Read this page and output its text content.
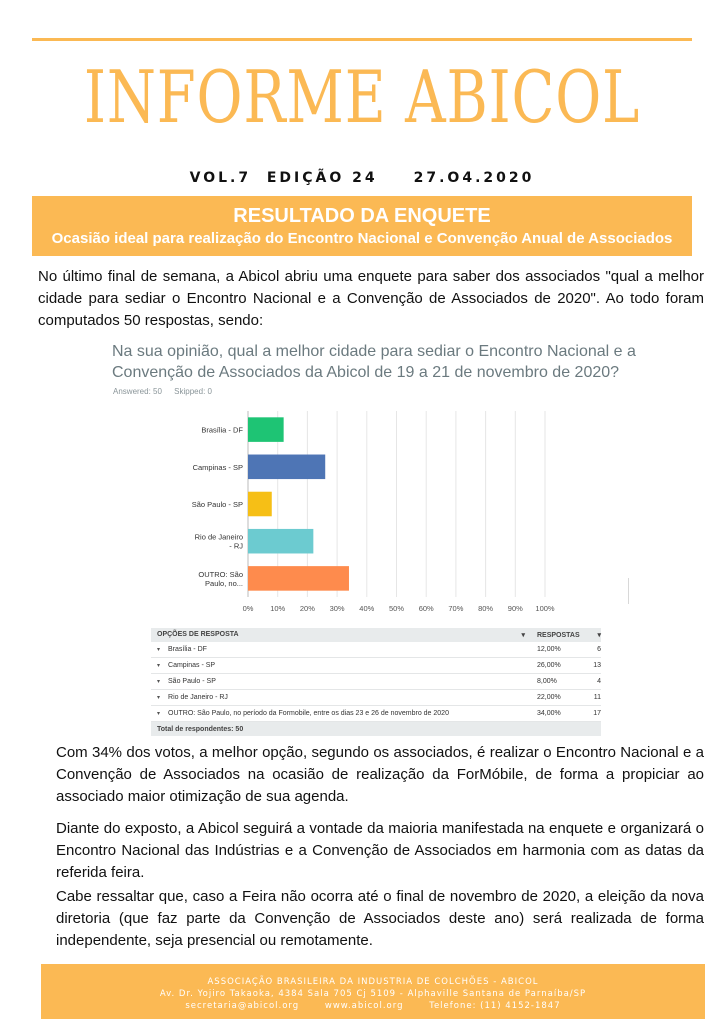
INFORME ABICOL
VOL.7 EDIÇÃO 24	27.O4.2020
RESULTADO DA ENQUETE
Ocasião ideal para realização do Encontro Nacional e Convenção Anual de Associados
No último final de semana, a Abicol abriu uma enquete para saber dos associados "qual a melhor cidade para sediar o Encontro Nacional e a Convenção de Associados de 2020". Ao todo foram computados 50 respostas, sendo:
Na sua opinião, qual a melhor cidade para sediar o Encontro Nacional e a Convenção de Associados da Abicol de 19 a 21 de novembro de 2020?
Answered: 50 Skipped: 0
0% 10% 20% 30% 40% 50% 60% 70% 80% 90% 100%
Brasília - DF
Campinas - SP
São Paulo - SP
Rio de Janeiro - RJ
OUTRO: São Paulo, no...
OPÇÕES DE RESPOSTA	▾ RESPOSTAS	▾
▾ Brasília - DF	12,00%	6
▾ Campinas - SP	26,00%	13
▾ São Paulo - SP	8,00%	4
▾ Rio de Janeiro - RJ	22,00%	11
▾ OUTRO: São Paulo, no período da Formobile, entre os dias 23 e 26 de novembro de 2020	34,00%	17
Total de respondentes: 50
Com 34% dos votos, a melhor opção, segundo os associados, é realizar o Encontro Nacional e a Convenção de Associados na ocasião de realização da ForMóbile, de forma a propiciar ao associado maior otimização de sua agenda.
Diante do exposto, a Abicol seguirá a vontade da maioria manifestada na enquete e organizará o Encontro Nacional das Indústrias e a Convenção de Associados em harmonia com as datas da referida feira.
Cabe ressaltar que, caso a Feira não ocorra até o final de novembro de 2020, a eleição da nova diretoria (que faz parte da Convenção de Associados deste ano) será realizada de forma independente, seja presencial ou remotamente.
ASSOCIAÇÃO BRASILEIRA DA INDUSTRIA DE COLCHÕES - ABICOL
Av. Dr. Yojiro Takaoka, 4384 Sala 705 Cj 5109 - Alphaville Santana de Parnaíba/SP
secretaria@abicol.org	www.abicol.org	Telefone: (11) 4152-1847
